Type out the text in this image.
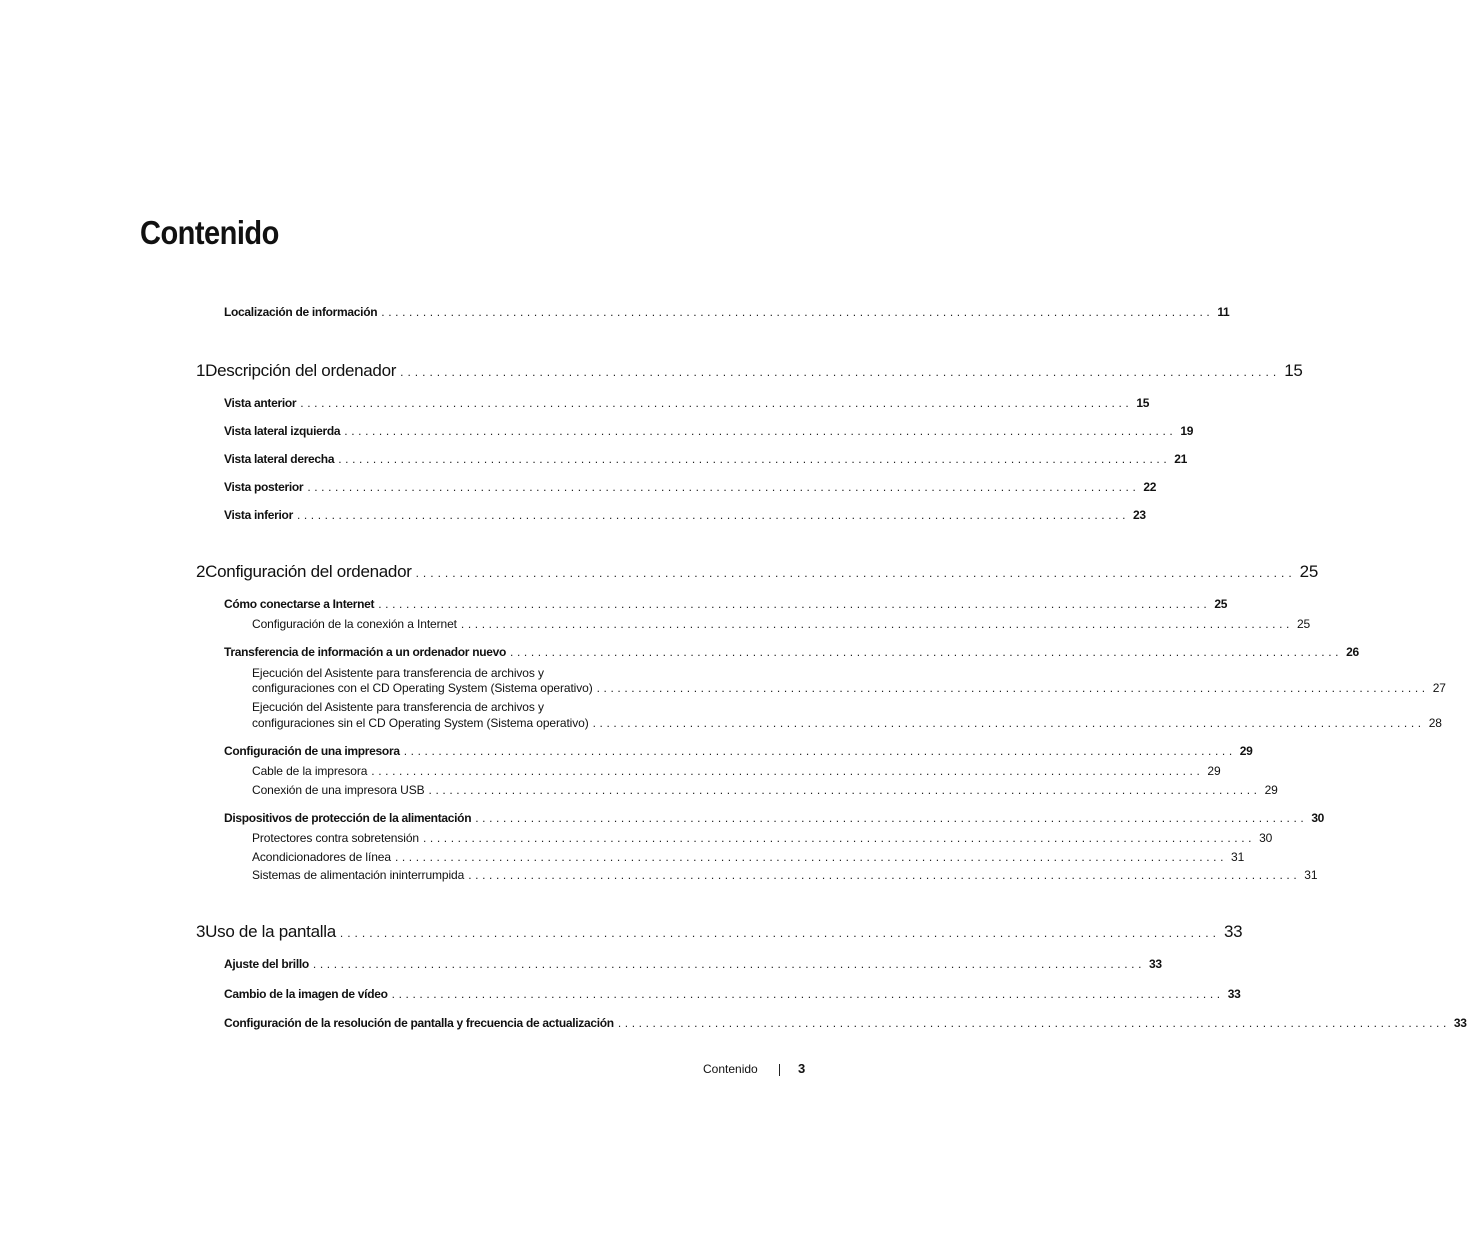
Contenido
Localización de información ........................................................................................................................ 11
1 Descripción del ordenador ........................................................................................................................ 15
Vista anterior ........................................................................................................................ 15
Vista lateral izquierda ........................................................................................................................ 19
Vista lateral derecha ........................................................................................................................ 21
Vista posterior ........................................................................................................................ 22
Vista inferior ........................................................................................................................ 23
2 Configuración del ordenador ........................................................................................................................ 25
Cómo conectarse a Internet ........................................................................................................................ 25
Configuración de la conexión a Internet ........................................................................................................................ 25
Transferencia de información a un ordenador nuevo ........................................................................................................................ 26
Ejecución del Asistente para transferencia de archivos y
configuraciones con el CD Operating System (Sistema operativo) ........................................................................................................................ 27
Ejecución del Asistente para transferencia de archivos y
configuraciones sin el CD Operating System (Sistema operativo) ........................................................................................................................ 28
Configuración de una impresora ........................................................................................................................ 29
Cable de la impresora ........................................................................................................................ 29
Conexión de una impresora USB ........................................................................................................................ 29
Dispositivos de protección de la alimentación ........................................................................................................................ 30
Protectores contra sobretensión ........................................................................................................................ 30
Acondicionadores de línea ........................................................................................................................ 31
Sistemas de alimentación ininterrumpida ........................................................................................................................ 31
3 Uso de la pantalla ........................................................................................................................ 33
Ajuste del brillo ........................................................................................................................ 33
Cambio de la imagen de vídeo ........................................................................................................................ 33
Configuración de la resolución de pantalla y frecuencia de actualización ........................................................................................................................ 33
Contenido	3
